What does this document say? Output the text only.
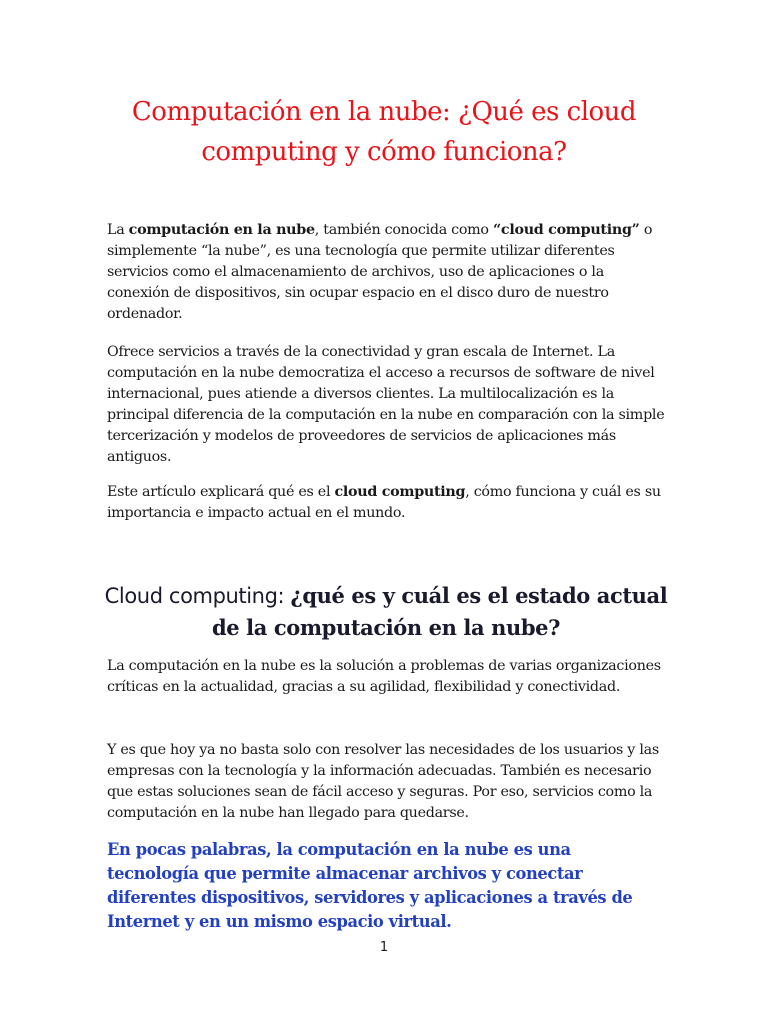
Computación en la nube: ¿Qué es cloud computing y cómo funciona?

La computación en la nube, también conocida como “cloud computing” o simplemente “la nube”, es una tecnología que permite utilizar diferentes servicios como el almacenamiento de archivos, uso de aplicaciones o la conexión de dispositivos, sin ocupar espacio en el disco duro de nuestro ordenador.

Ofrece servicios a través de la conectividad y gran escala de Internet. La computación en la nube democratiza el acceso a recursos de software de nivel internacional, pues atiende a diversos clientes. La multilocalización es la principal diferencia de la computación en la nube en comparación con la simple tercerización y modelos de proveedores de servicios de aplicaciones más antiguos.

Este artículo explicará qué es el cloud computing, cómo funciona y cuál es su importancia e impacto actual en el mundo.

Cloud computing: ¿qué es y cuál es el estado actual de la computación en la nube?

La computación en la nube es la solución a problemas de varias organizaciones críticas en la actualidad, gracias a su agilidad, flexibilidad y conectividad.

Y es que hoy ya no basta solo con resolver las necesidades de los usuarios y las empresas con la tecnología y la información adecuadas. También es necesario que estas soluciones sean de fácil acceso y seguras. Por eso, servicios como la computación en la nube han llegado para quedarse.

En pocas palabras, la computación en la nube es una tecnología que permite almacenar archivos y conectar diferentes dispositivos, servidores y aplicaciones a través de Internet y en un mismo espacio virtual.

1
